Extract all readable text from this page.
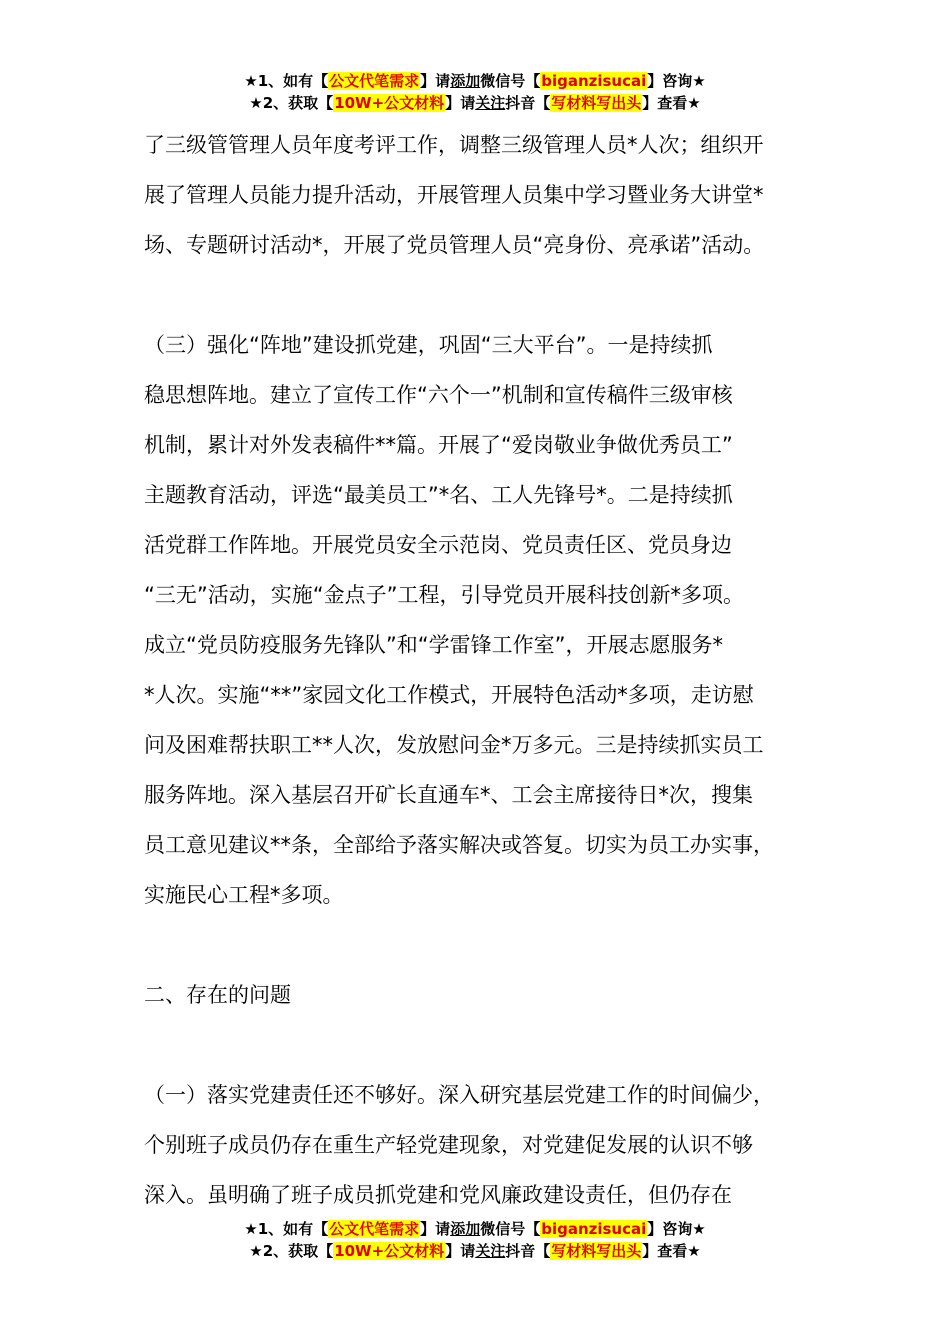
★1、如有【公文代笔需求】请添加微信号【biganzisucai】咨询★
★2、获取【10W+公文材料】请关注抖音【写材料写出头】查看★
了三级管管理人员年度考评工作，调整三级管理人员*人次；组织开
展了管理人员能力提升活动，开展管理人员集中学习暨业务大讲堂*
场、专题研讨活动*，开展了党员管理人员“亮身份、亮承诺”活动。
（三）强化“阵地”建设抓党建，巩固“三大平台”。一是持续抓
稳思想阵地。建立了宣传工作“六个一”机制和宣传稿件三级审核
机制，累计对外发表稿件**篇。开展了“爱岗敬业争做优秀员工”
主题教育活动，评选“最美员工”*名、工人先锋号*。二是持续抓
活党群工作阵地。开展党员安全示范岗、党员责任区、党员身边
“三无”活动，实施“金点子”工程，引导党员开展科技创新*多项。
成立“党员防疫服务先锋队”和“学雷锋工作室”，开展志愿服务*
*人次。实施“**”家园文化工作模式，开展特色活动*多项，走访慰
问及困难帮扶职工**人次，发放慰问金*万多元。三是持续抓实员工
服务阵地。深入基层召开矿长直通车*、工会主席接待日*次，搜集
员工意见建议**条，全部给予落实解决或答复。切实为员工办实事，
实施民心工程*多项。
二、存在的问题
（一）落实党建责任还不够好。深入研究基层党建工作的时间偏少，
个别班子成员仍存在重生产轻党建现象，对党建促发展的认识不够
深入。虽明确了班子成员抓党建和党风廉政建设责任，但仍存在
★1、如有【公文代笔需求】请添加微信号【biganzisucai】咨询★
★2、获取【10W+公文材料】请关注抖音【写材料写出头】查看★
